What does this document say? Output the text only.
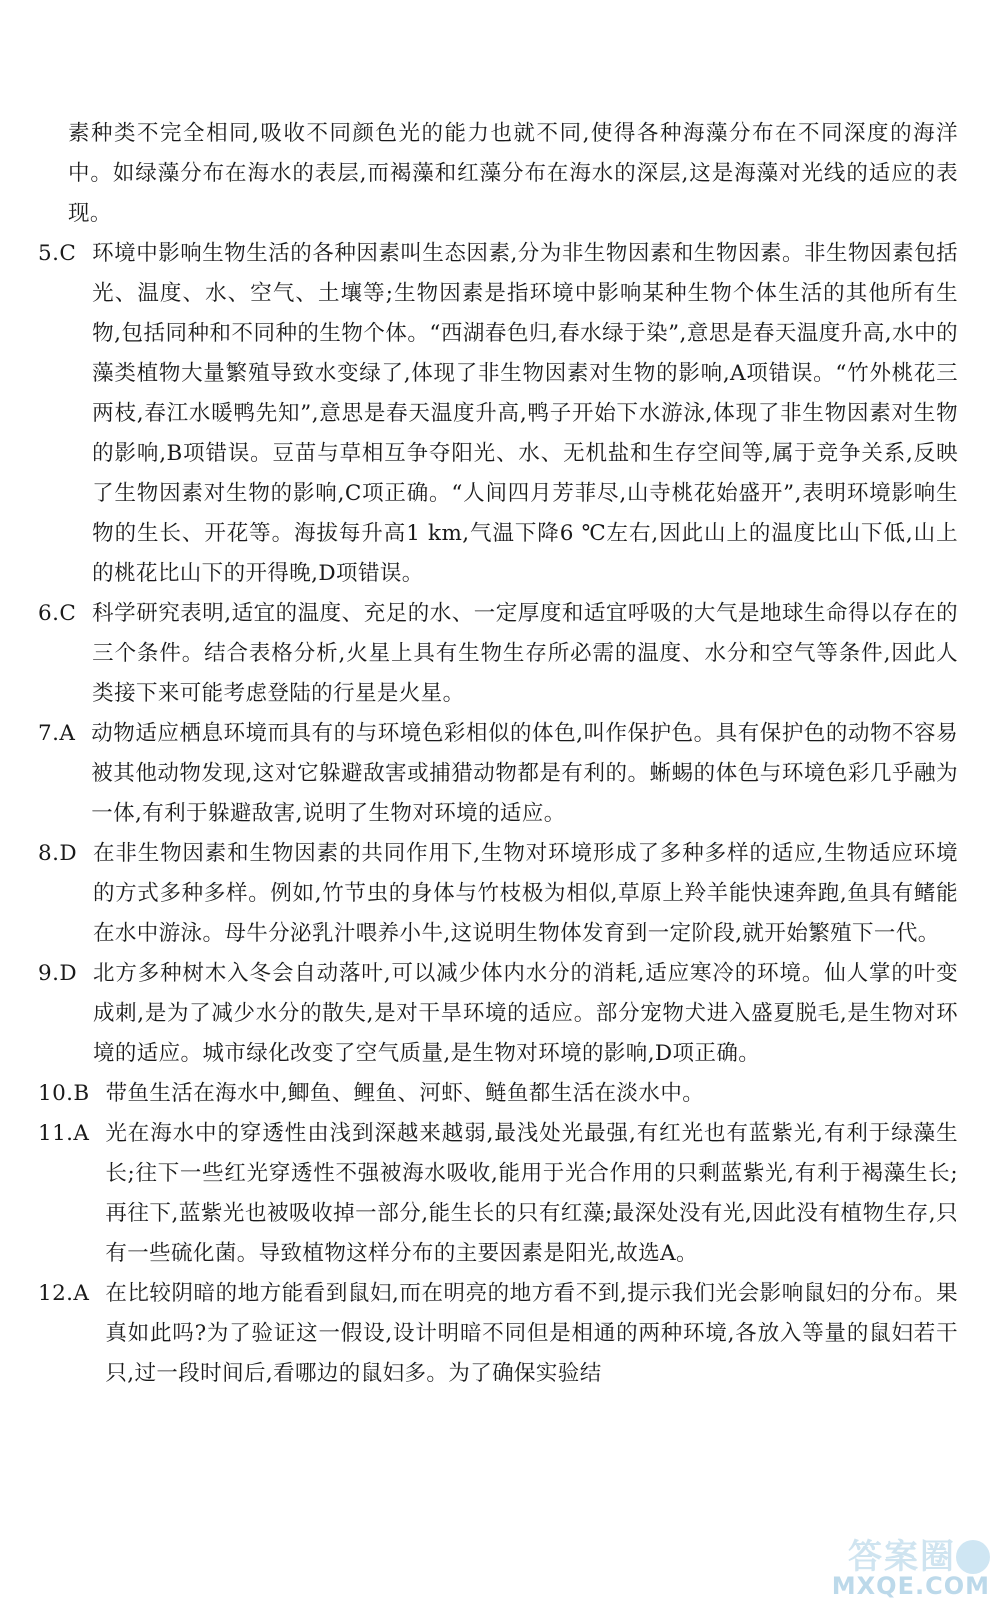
素种类不完全相同,吸收不同颜色光的能力也就不同,使得各种海藻分布在不同深度的海洋中。如绿藻分布在海水的表层,而褐藻和红藻分布在海水的深层,这是海藻对光线的适应的表现。

5.C 环境中影响生物生活的各种因素叫生态因素,分为非生物因素和生物因素。非生物因素包括光、温度、水、空气、土壤等;生物因素是指环境中影响某种生物个体生活的其他所有生物,包括同种和不同种的生物个体。“西湖春色归,春水绿于染”,意思是春天温度升高,水中的藻类植物大量繁殖导致水变绿了,体现了非生物因素对生物的影响,A项错误。“竹外桃花三两枝,春江水暖鸭先知”,意思是春天温度升高,鸭子开始下水游泳,体现了非生物因素对生物的影响,B项错误。豆苗与草相互争夺阳光、水、无机盐和生存空间等,属于竞争关系,反映了生物因素对生物的影响,C项正确。“人间四月芳菲尽,山寺桃花始盛开”,表明环境影响生物的生长、开花等。海拔每升高1 km,气温下降6 ℃左右,因此山上的温度比山下低,山上的桃花比山下的开得晚,D项错误。
6.C 科学研究表明,适宜的温度、充足的水、一定厚度和适宜呼吸的大气是地球生命得以存在的三个条件。结合表格分析,火星上具有生物生存所必需的温度、水分和空气等条件,因此人类接下来可能考虑登陆的行星是火星。
7.A 动物适应栖息环境而具有的与环境色彩相似的体色,叫作保护色。具有保护色的动物不容易被其他动物发现,这对它躲避敌害或捕猎动物都是有利的。蜥蜴的体色与环境色彩几乎融为一体,有利于躲避敌害,说明了生物对环境的适应。
8.D 在非生物因素和生物因素的共同作用下,生物对环境形成了多种多样的适应,生物适应环境的方式多种多样。例如,竹节虫的身体与竹枝极为相似,草原上羚羊能快速奔跑,鱼具有鳍能在水中游泳。母牛分泌乳汁喂养小牛,这说明生物体发育到一定阶段,就开始繁殖下一代。
9.D 北方多种树木入冬会自动落叶,可以减少体内水分的消耗,适应寒冷的环境。仙人掌的叶变成刺,是为了减少水分的散失,是对干旱环境的适应。部分宠物犬进入盛夏脱毛,是生物对环境的适应。城市绿化改变了空气质量,是生物对环境的影响,D项正确。
10.B 带鱼生活在海水中,鲫鱼、鲤鱼、河虾、鲢鱼都生活在淡水中。
11.A 光在海水中的穿透性由浅到深越来越弱,最浅处光最强,有红光也有蓝紫光,有利于绿藻生长;往下一些红光穿透性不强被海水吸收,能用于光合作用的只剩蓝紫光,有利于褐藻生长;再往下,蓝紫光也被吸收掉一部分,能生长的只有红藻;最深处没有光,因此没有植物生存,只有一些硫化菌。导致植物这样分布的主要因素是阳光,故选A。
12.A 在比较阴暗的地方能看到鼠妇,而在明亮的地方看不到,提示我们光会影响鼠妇的分布。果真如此吗?为了验证这一假设,设计明暗不同但是相通的两种环境,各放入等量的鼠妇若干只,过一段时间后,看哪边的鼠妇多。为了确保实验结
答案圈
MXQE.COM
